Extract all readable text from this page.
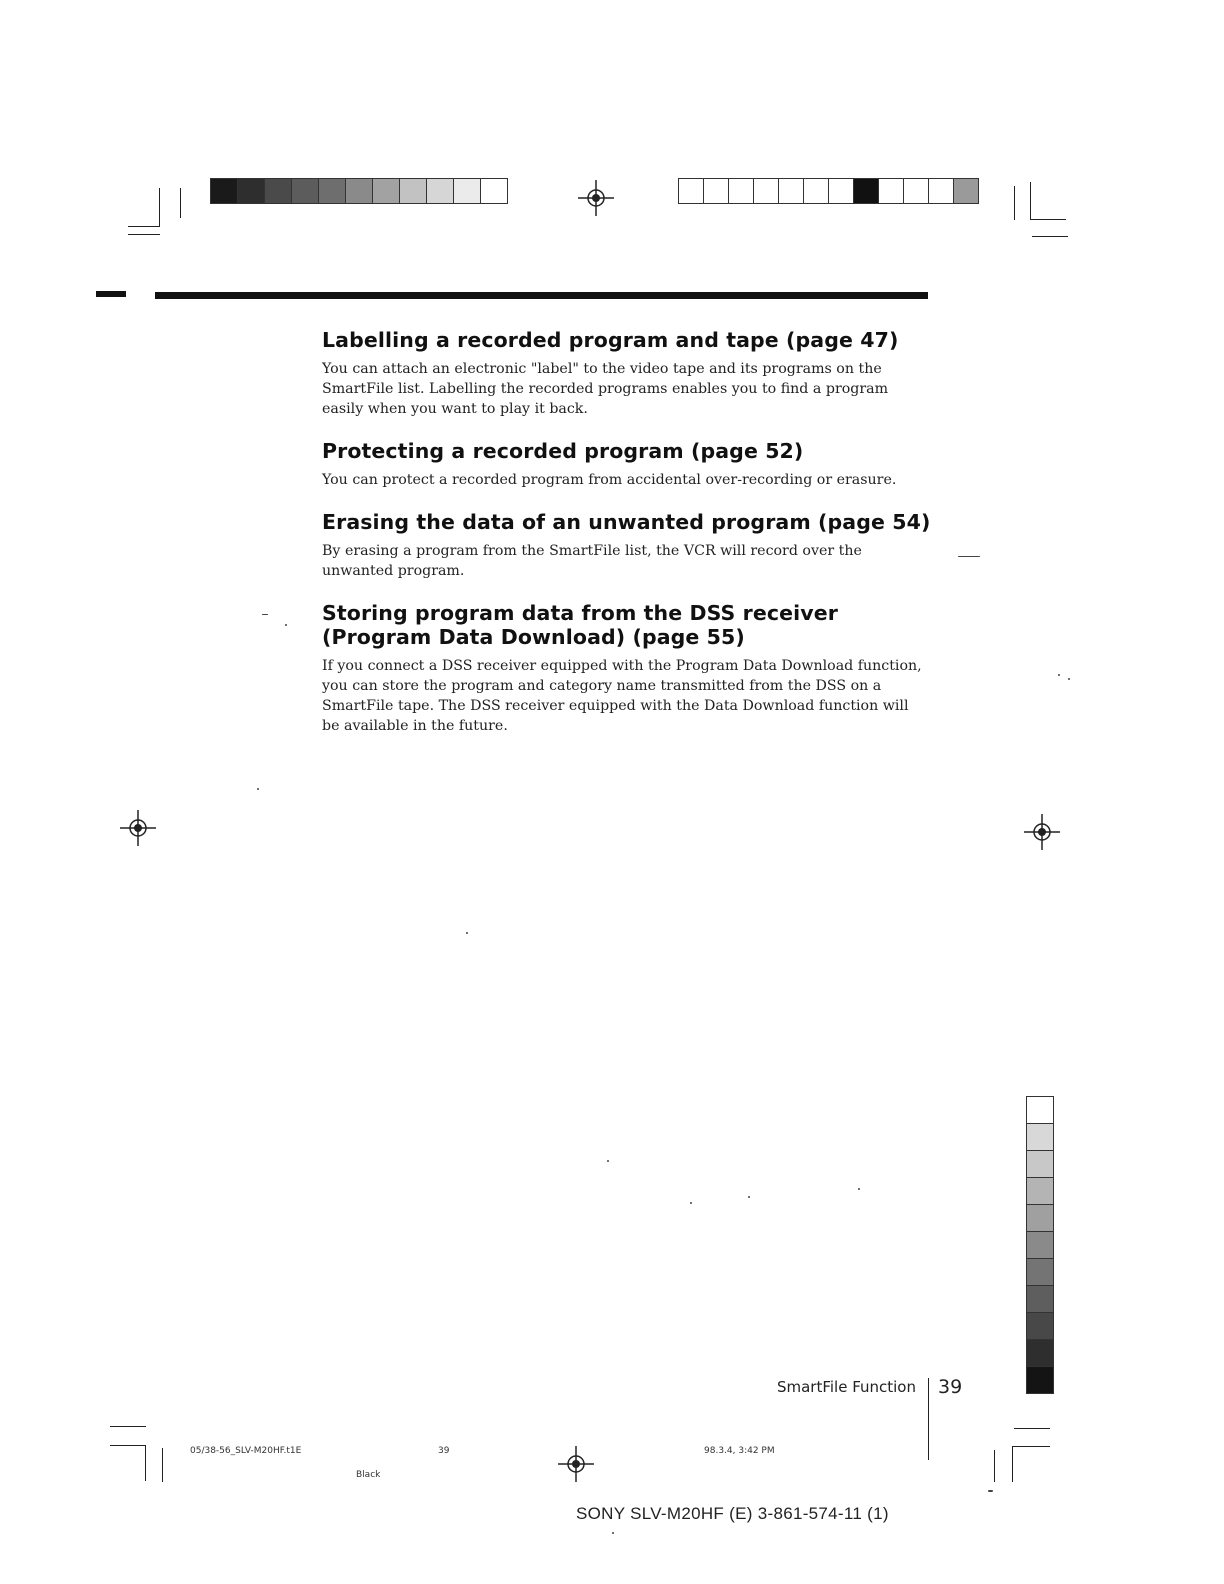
Labelling a recorded program and tape (page 47)

You can attach an electronic "label" to the video tape and its programs on the SmartFile list. Labelling the recorded programs enables you to find a program easily when you want to play it back.

Protecting a recorded program (page 52)

You can protect a recorded program from accidental over-recording or erasure.

Erasing the data of an unwanted program (page 54)

By erasing a program from the SmartFile list, the VCR will record over the unwanted program.

Storing program data from the DSS receiver (Program Data Download) (page 55)

If you connect a DSS receiver equipped with the Program Data Download function, you can store the program and category name transmitted from the DSS on a SmartFile tape. The DSS receiver equipped with the Data Download function will be available in the future.

SmartFile Function 39
05/38-56_SLV-M20HF.t1E	39	98.3.4, 3:42 PM
Black
SONY SLV-M20HF (E) 3-861-574-11 (1)
